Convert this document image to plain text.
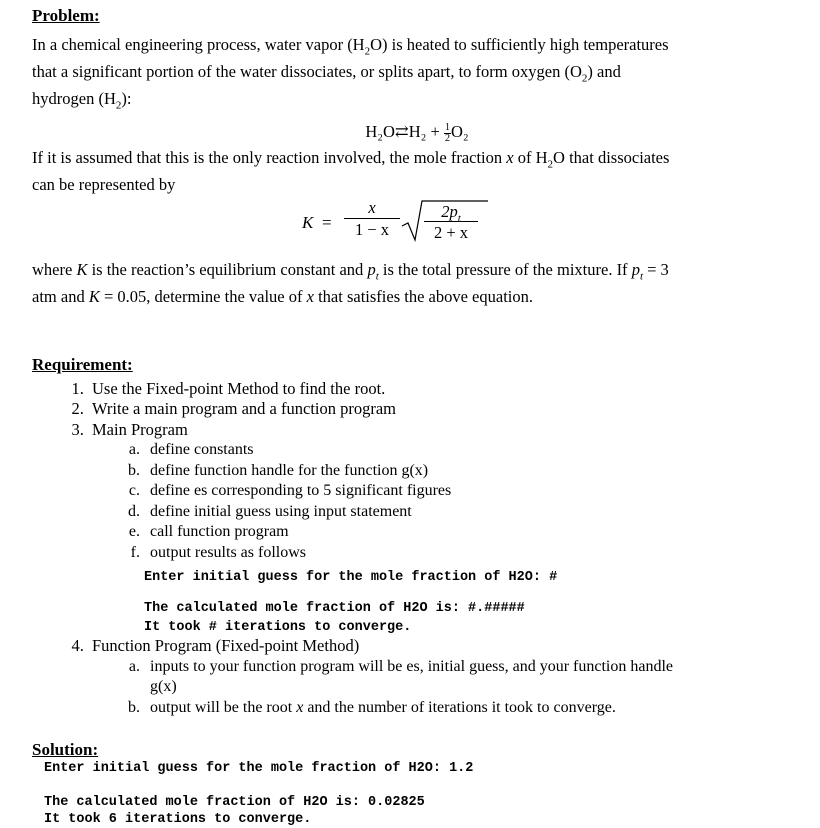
Problem:

In a chemical engineering process, water vapor $(H_2O)$ is heated to sufficiently high temperatures
that a significant portion of the water dissociates, or splits apart, to form oxygen $(O_2)$ and
hydrogen $(H_2)$:

H₂O⇄H₂ + $\frac{1}{2} O_2$

If it is assumed that this is the only reaction involved, the mole fraction x of $H_2O$ that dissociates
can be represented by

K =
x
1 − x
$2p_t$
2 + x

where K is the reaction’s equilibrium constant and $p_t$ is the total pressure of the mixture. If $p_t = 3$
atm and K = 0.05, determine the value of x that satisfies the above equation.

Requirement:
1. Use the Fixed-point Method to find the root.
2. Write a main program and a function program
3. Main Program
a. define constants
b. define function handle for the function g(x)
c. define es corresponding to 5 significant figures
d. define initial guess using input statement
e. call function program
f. output results as follows
Enter initial guess for the mole fraction of H2O: #
The calculated mole fraction of H2O is: #.#####
It took # iterations to converge.
4. Function Program (Fixed-point Method)
a. inputs to your function program will be es, initial guess, and your function handle
g(x)
b. output will be the root x and the number of iterations it took to converge.
Solution:
Enter initial guess for the mole fraction of H2O: 1.2
The calculated mole fraction of H2O is: 0.02825
It took 6 iterations to converge.
